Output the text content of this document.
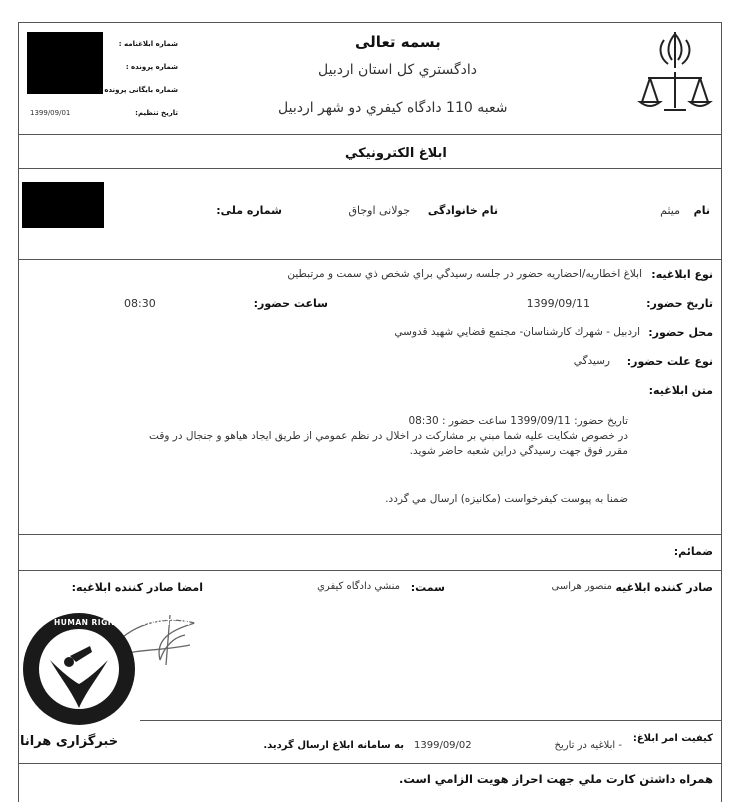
شماره ابلاغنامه :
شماره پرونده :
شماره بایگانی پرونده :
تاريخ تنظيم:
1399/09/01
بسمه تعالی
دادگستري كل استان اردبيل
شعبه 110 دادگاه كيفري دو شهر اردبيل
ابلاغ الكترونيكي
نام
میثم
نام خانوادگی
جولانی اوجاق
شماره ملی:
نوع ابلاغیه:
ابلاغ اخطاريه/احضاريه حضور در جلسه رسيدگي براي شخص ذي سمت و مرتبطين
تاريخ حضور:
1399/09/11
ساعت حضور:
08:30
محل حضور:
اردبيل - شهرك كارشناسان- مجتمع قضايي شهيد قدوسي
نوع علت حضور:
رسيدگي
متن ابلاغیه:
تاريخ حضور: 1399/09/11 ساعت حضور : 08:30
در خصوص شكايت عليه شما مبني بر مشاركت در اخلال در نظم عمومي از طريق ايجاد هياهو و جنجال در وقت
مقرر فوق جهت رسيدگي دراين شعبه حاضر شويد.
ضمنا به پيوست كيفرخواست (مكانيزه) ارسال مي گردد.
ضمائم:
صادر كننده ابلاغيه
منصور هراسی
سمت:
منشي دادگاه كيفري
امضا صادر كننده ابلاغيه:
HUMAN RIGHTS ACTIVISTS IN IRAN
خبرگزاری هرانا	كيفيت امر ابلاغ:
- ابلاغيه در تاريخ
1399/09/02
به سامانه ابلاغ ارسال گرديد.
همراه داشتن كارت ملي جهت احراز هويت الزامي است.
